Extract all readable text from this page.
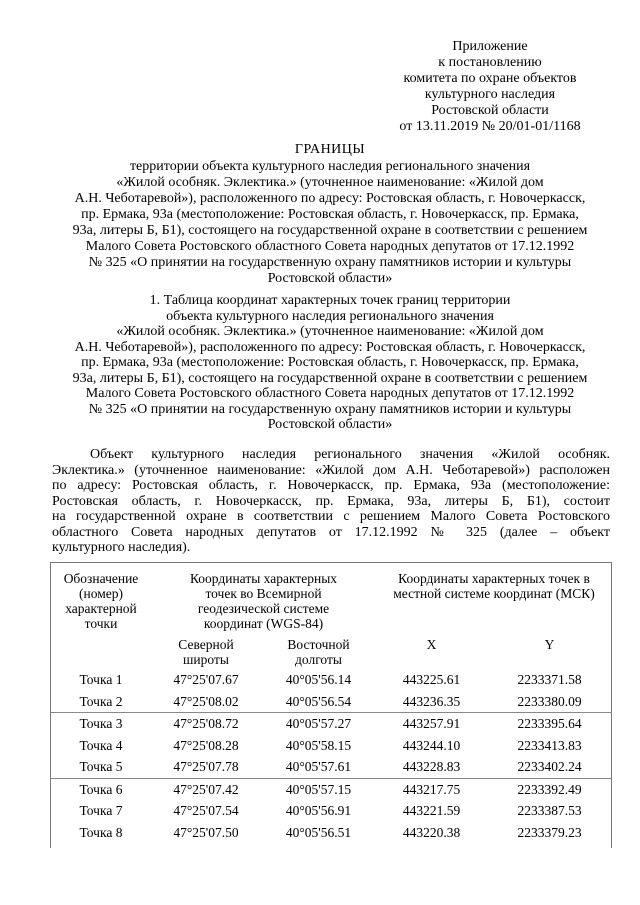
Приложение
к постановлению
комитета по охране объектов
культурного наследия
Ростовской области
от 13.11.2019 № 20/01-01/1168
ГРАНИЦЫ
территории объекта культурного наследия регионального значения
«Жилой особняк. Эклектика.» (уточненное наименование: «Жилой дом
А.Н. Чеботаревой»), расположенного по адресу: Ростовская область, г. Новочеркасск,
пр. Ермака, 93а (местоположение: Ростовская область, г. Новочеркасск, пр. Ермака,
93а, литеры Б, Б1), состоящего на государственной охране в соответствии с решением
Малого Совета Ростовского областного Совета народных депутатов от 17.12.1992
№ 325 «О принятии на государственную охрану памятников истории и культуры
Ростовской области»
1. Таблица координат характерных точек границ территории
объекта культурного наследия регионального значения
«Жилой особняк. Эклектика.» (уточненное наименование: «Жилой дом
А.Н. Чеботаревой»), расположенного по адресу: Ростовская область, г. Новочеркасск,
пр. Ермака, 93а (местоположение: Ростовская область, г. Новочеркасск, пр. Ермака,
93а, литеры Б, Б1), состоящего на государственной охране в соответствии с решением
Малого Совета Ростовского областного Совета народных депутатов от 17.12.1992
№ 325 «О принятии на государственную охрану памятников истории и культуры
Ростовской области»
Объект культурного наследия регионального значения «Жилой особняк.
Эклектика.» (уточненное наименование: «Жилой дом А.Н. Чеботаревой») расположен
по адресу: Ростовская область, г. Новочеркасск, пр. Ермака, 93а (местоположение:
Ростовская область, г. Новочеркасск, пр. Ермака, 93а, литеры Б, Б1), состоит
на государственной охране в соответствии с решением Малого Совета Ростовского
областного Совета народных депутатов от 17.12.1992 № 325 (далее – объект
культурного наследия).
Обозначение (номер) характерной точки	Координаты характерных точек во Всемирной геодезической системе координат (WGS-84)		Координаты характерных точек в местной системе координат (МСК)	

	Северной широты	Восточной долготы	X	Y
Точка 1	47°25'07.67	40°05'56.14	443225.61	2233371.58
Точка 2	47°25'08.02	40°05'56.54	443236.35	2233380.09
Точка 3	47°25'08.72	40°05'57.27	443257.91	2233395.64
Точка 4	47°25'08.28	40°05'58.15	443244.10	2233413.83
Точка 5	47°25'07.78	40°05'57.61	443228.83	2233402.24
Точка 6	47°25'07.42	40°05'57.15	443217.75	2233392.49
Точка 7	47°25'07.54	40°05'56.91	443221.59	2233387.53
Точка 8	47°25'07.50	40°05'56.51	443220.38	2233379.23
